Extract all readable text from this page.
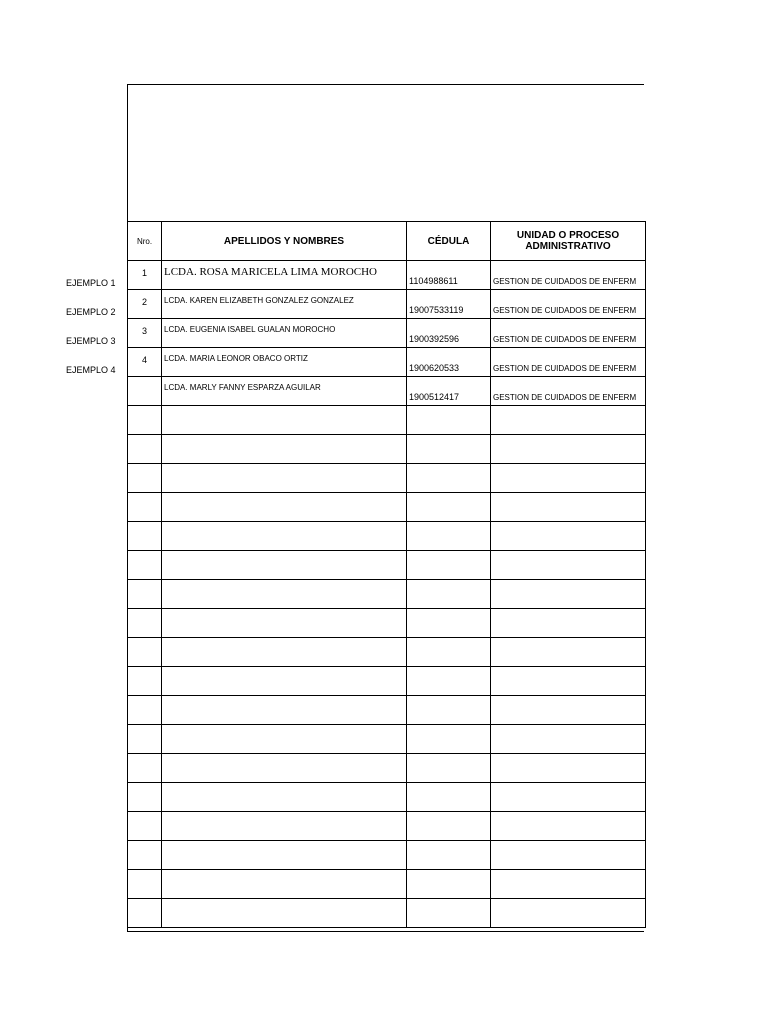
EJEMPLO 1
EJEMPLO 2
EJEMPLO 3
EJEMPLO 4
Nro.	APELLIDOS Y NOMBRES	CÉDULA	UNIDAD O PROCESO ADMINISTRATIVO

1	LCDA. ROSA MARICELA LIMA MOROCHO	1104988611	GESTION DE CUIDADOS DE ENFERM

2	LCDA. KAREN ELIZABETH GONZALEZ GONZALEZ	19007533119	GESTION DE CUIDADOS DE ENFERM

3	LCDA. EUGENIA ISABEL GUALAN MOROCHO	1900392596	GESTION DE CUIDADOS DE ENFERM

4	LCDA. MARIA LEONOR OBACO ORTIZ	1900620533	GESTION DE CUIDADOS DE ENFERM

	LCDA. MARLY FANNY ESPARZA AGUILAR	1900512417	GESTION DE CUIDADOS DE ENFERM
